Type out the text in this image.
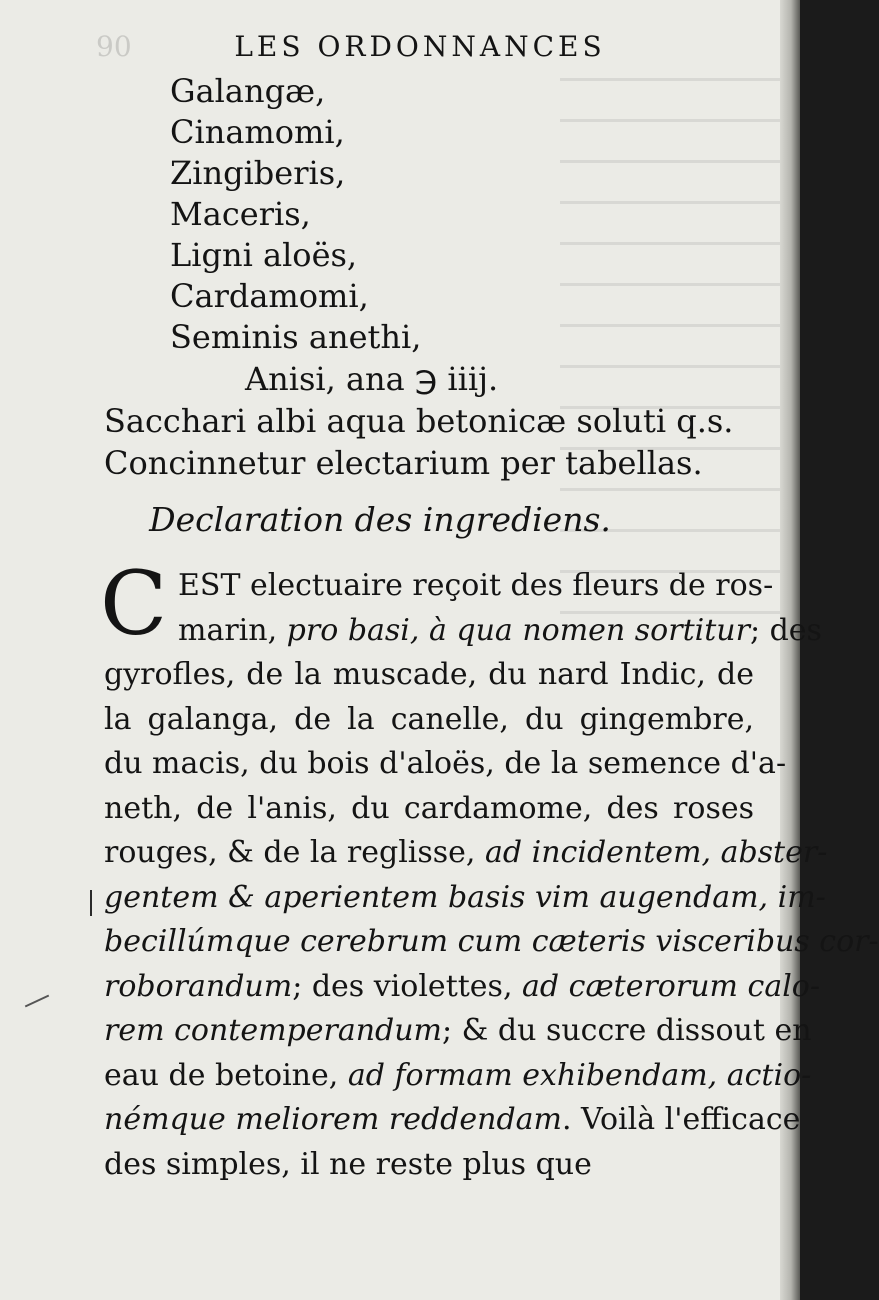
90	LES ORDONNANCES
Galangæ,
Cinamomi,
Zingiberis,
Maceris,
Ligni aloës,
Cardamomi,
Seminis anethi,
Anisi, ana ℈ iiij.
Sacchari albi aqua betonicæ soluti q.s.
Concinnetur electarium per tabellas.
Declaration des ingrediens.
C EST electuaire reçoit des fleurs de ros-
marin, pro basi, à qua nomen sortitur; des
gyrofles, de la muscade, du nard Indic, de
la galanga, de la canelle, du gingembre,
du macis, du bois d'aloës, de la semence d'a-
neth, de l'anis, du cardamome, des roses
rouges, & de la reglisse, ad incidentem, abster-
gentem & aperientem basis vim augendam, im-
becillúmque cerebrum cum cæteris visceribus cor-
roborandum; des violettes, ad cæterorum calo-
rem contemperandum; & du succre dissout en
eau de betoine, ad formam exhibendam, actio-
némque meliorem reddendam. Voilà l'efficace
des simples, il ne reste plus que
